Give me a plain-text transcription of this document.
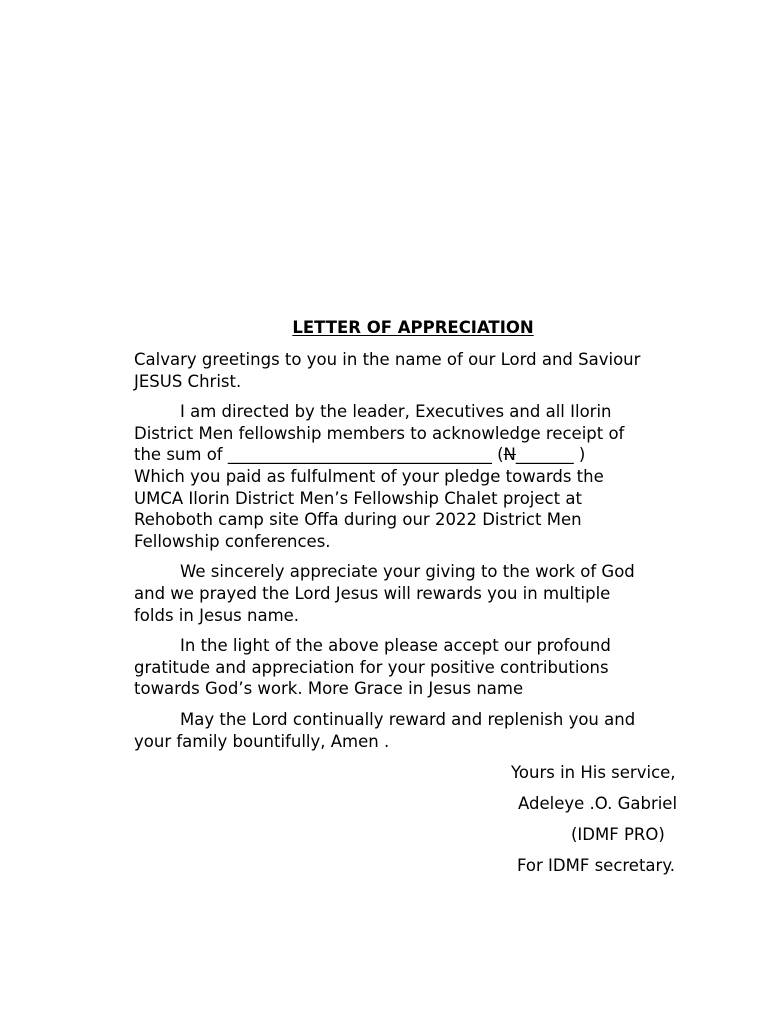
LETTER OF APPRECIATION

Calvary greetings to you in the name of our Lord and Saviour
JESUS Christ.

I am directed by the leader, Executives and all Ilorin
District Men fellowship members to acknowledge receipt of
the sum of ________________________________ (N_______ )
Which you paid as fulfulment of your pledge towards the
UMCA Ilorin District Men’s Fellowship Chalet project at
Rehoboth camp site Offa during our 2022 District Men
Fellowship conferences.

We sincerely appreciate your giving to the work of God
and we prayed the Lord Jesus will rewards you in multiple
folds in Jesus name.

In the light of the above please accept our profound
gratitude and appreciation for your positive contributions
towards God’s work. More Grace in Jesus name

May the Lord continually reward and replenish you and
your family bountifully, Amen .

Yours in His service,

Adeleye .O. Gabriel

(IDMF PRO)

For IDMF secretary.
